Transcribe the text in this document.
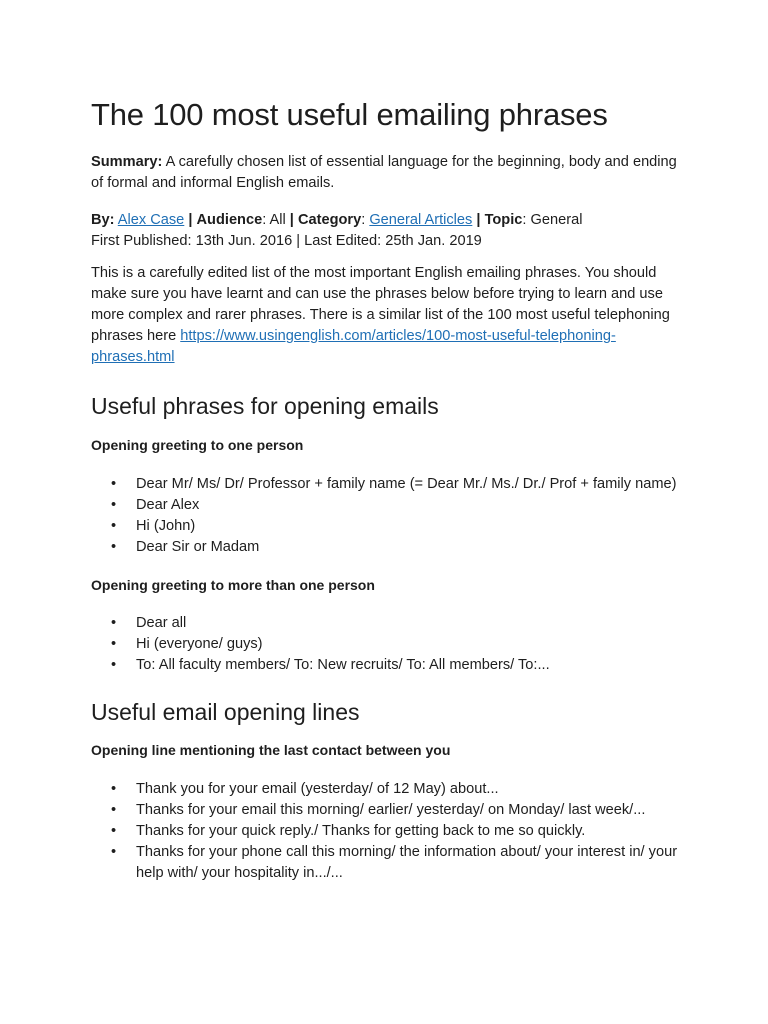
The 100 most useful emailing phrases

Summary: A carefully chosen list of essential language for the beginning, body and ending of formal and informal English emails.

By: Alex Case | Audience: All | Category: General Articles | Topic: General

First Published: 13th Jun. 2016 | Last Edited: 25th Jan. 2019

This is a carefully edited list of the most important English emailing phrases. You should make sure you have learnt and can use the phrases below before trying to learn and use more complex and rarer phrases. There is a similar list of the 100 most useful telephoning phrases here https://www.usingenglish.com/articles/100-most-useful-telephoning-phrases.html

Useful phrases for opening emails
Opening greeting to one person
• Dear Mr/ Ms/ Dr/ Professor + family name (= Dear Mr./ Ms./ Dr./ Prof + family name)
• Dear Alex
• Hi (John)
• Dear Sir or Madam
Opening greeting to more than one person
• Dear all
• Hi (everyone/ guys)
• To: All faculty members/ To: New recruits/ To: All members/ To:...
Useful email opening lines
Opening line mentioning the last contact between you
• Thank you for your email (yesterday/ of 12 May) about...
• Thanks for your email this morning/ earlier/ yesterday/ on Monday/ last week/...
• Thanks for your quick reply./ Thanks for getting back to me so quickly.
• Thanks for your phone call this morning/ the information about/ your interest in/ your help with/ your hospitality in.../...
